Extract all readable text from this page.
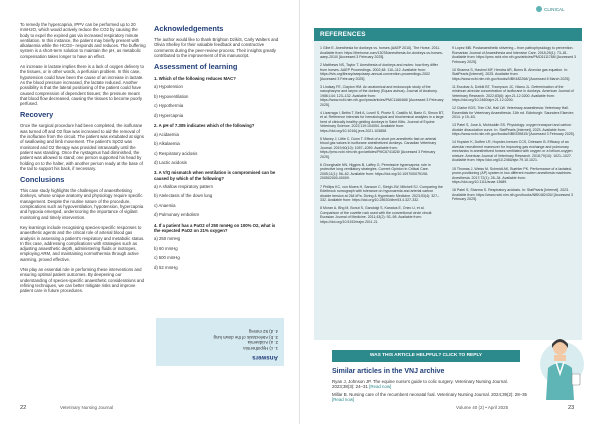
To remedy the hypercapnia, IPPV can be performed up to 20 mmH2O, which would actively reduce the CO2 by causing the body to expel the expired gas via increased respiratory minute ventilation. In this instance, the patient may briefly present with alkalaemia while the HCO3− responds and reduces. The buffering system is a short-term solution to maintain the pH, as metabolic compensation takes longer to have an effect.

An increase in lactate implies there is a lack of oxygen delivery to the tissues, or in other words, a perfusion problem. In this case, hypotension could have been the cause of an increase in lactate. As the blood pressure increased, the lactate reduced. Another possibility is that the lateral positioning of the patient could have caused compression of dependent tissues; the pressure meant that blood flow decreased, causing the tissues to become poorly perfused.

Recovery

Once the surgical procedure had been completed, the isoflurane was turned off and O2 flow was increased to aid the removal of the isoflurane from the circuit. The patient was extubated at signs of swallowing and limb movement. The patient's SpO2 was monitored and O2 therapy was provided intranasally until the patient was standing. Once the nystagmus had diminished, the patient was allowed to stand; one person supported his head by holding on to the halter, with another person ready at the base of the tail to support his back, if necessary.

Conclusions

This case study highlights the challenges of anaesthetising donkeys, whose unique anatomy and physiology require specific management. Despite the routine nature of the procedure, complications such as hypoventilation, hypotension, hypercapnia and hypoxia emerged, underscoring the importance of vigilant monitoring and timely intervention.

Key learnings include recognising species-specific responses to anaesthetic agents and the critical role of arterial blood gas analysis in assessing a patient's respiratory and metabolic status. In this case, addressing complications with strategies such as adjusting anaesthetic depth, administering fluids or inotropes, employing ARM, and maintaining normothermia through active warming, proved effective.

VNs play an essential role in performing these interventions and ensuring optimal patient outcomes. By deepening our understanding of species-specific anaesthetic considerations and refining techniques, we can better mitigate risks and improve patient care in future procedures.

Acknowledgements

The author would like to thank Brighton DzikiS, Carly Walters and Olivia Shelley for their valuable feedback and constructive comments during the peer-review process. Their insights greatly contributed to the improvement of this manuscript.

Assessment of learning
1. Which of the following reduces MAC?
a) Hypotension
b) Hypoventilation
c) Hypothermia
d) Hypercapnia
2. A pH of 7.305 indicates which of the following?
a) Acidaemia
b) Alkalaemia
c) Respiratory acidosis
d) Lactic acidosis
3. A V/Q mismatch when ventilation is compromised can be caused by which of the following?
a) A shallow respiratory pattern
b) Atelectasis of the down lung
c) Anaemia
d) Pulmonary embolism
4. If a patient has a PaO2 of 250 mmHg on 100% O2, what is the expected PaO2 on 21% oxygen?
a) 250 mmHg
b) 60 mmHg
c) 500 mmHg
d) 52 mmHg
Answers
1. c) Hypothermia
2. a) Acidaemia
3. b) Atelectasis of the down lung
4. d) 52 mmHg
22	Veterinary Nursing Journal
CLINICAL
REFERENCES
1 Gibe E. Anesthesia for donkeys vs. horses (AAEP 2010). The Horse. 2011. Available from: https://thehorse.com/13078/anesthesia-for-donkeys-vs-horses-aaep-2010/ [Accessed 3 February 2025].
2 Matthews NS, Taylor T. Anesthesia of donkeys and mules: how they differ from horses. AAEP Proceedings. 2002;48: 110–112. Available from: https://ivis.org/library/aaep/aaep-annual-convention-proceedings-2002 [Accessed 3 February 2025].
3 Lindsay FE, Clayton HM. An anatomical and endoscopic study of the nasopharynx and larynx of the donkey (Equus asinus). Journal of Anatomy. 1986;144: 123–132. Available from: https://www.ncbi.nlm.nih.gov/pmc/articles/PMC1166468/ [Accessed 3 February 2025].
4 Lizarraga I, Beths T, Bell A, Lovell S, Ploetz S, Castillo M, Bartz G, Simon BT, et al. Reference intervals for hematological and biochemical analytes in a large herd of clinically healthy gelding donkeys in Saint Kitts. Journal of Equine Veterinary Science. 2022;119:104054. Available from: https://doi.org/10.1016/j.jevs.2021.103858.
5 Maney J, Little C, Dunn T. Effect of a short pre-anesthetic fast on arterial blood gas values in isoflurane anesthetized donkeys. Canadian Veterinary Journal. 2019;60(10): 1057–1059. Available from: https://pmc.ncbi.nlm.nih.gov/articles/PMC6741828/ [Accessed 3 February 2025].
6 Chonghaile NN, Higgins B, Laffey G. Permissive hypercapnia: role in protective lung ventilatory strategies. Current Opinion in Critical Care. 2005;11(1): 56–62. Available from: https://doi.org/10.1097/00075198-200502000-00009.
7 Phillips KC, von Moers H, Sansom C, Sleigh JW, Mitchell SJ. Comparing the Edelbrock nomograph with tolerance on hypoxaemia and arterial carbon dioxide tension at 264 kPa. Diving & Hyperbaric Medicine. 2023;53(4): 327–332. Available from: https://doi.org/10.28920/dhm53.4.327-332.
8 Moran A, Bhg M, Bonut S, Gandolgi S, Kanatus E, Onec U, et al. Comparison of the cuvette rock used with the conventional circle circuit. Eurasian Journal of Medicine. 2011;43(2): 92–98. Available from: https://doi.org/10.5152/eajm.2011.21.
9 Lopez MB. Postanaesthetic shivering – from pathophysiology to prevention. Romanian Journal of Anaesthesia and Intensive Care. 2018;25(1): 73–81. Available from: https://pmc.ncbi.nlm.nih.gov/articles/PMC6111788/ [Accessed 3 February 2025].
10 Sharma S, Hashmi MF, Hendra AR, Burns B. Alveolar gas equation. In: StatPearls [Internet]. 2025. Available from: https://www.ncbi.nlm.nih.gov/books/NBK482268/ [Accessed 8 March 2025].
11 Escobar A, Dzikiti BT, Thompson JC, Ntanu JL. Determination of the minimum alveolar concentration of isoflurane in donkeys. American Journal of Veterinary Research. 2022;83(6): ajvr.21.12.0200. Available from: https://doi.org/10.2460/ajvr.21.12.0200.
12 Clarke KDS, Trim CM, Hall LW. Veterinary anaesthesia: Veterinary Hall. Essentials for Veterinary Anaesthesia. 11th ed. Edinburgh: Saunders Elsevier; 2014. p 19–63.
13 Patel S, Jose A, Mohiuddin SS. Physiology: oxygen transport and carbon dioxide dissociation curve. In: StatPearls [Internet]. 2023. Available from: https://www.ncbi.nlm.nih.gov/books/NBK539815/ [Accessed 3 February 2025].
14 Hopster K, Duffee LR, Hopster-Iversen CCS, Driessen B. Efficacy of an alveolar recruitment maneuver for improving gas exchange and pulmonary mechanics in anesthetized horses ventilated with oxygen or a helium-oxygen mixture. American Journal of Veterinary Research. 2018;79(10): 1021–1027. Available from: https://doi.org/10.2460/ajvr.79.10.1021.
15 Thomas J, Weiss M, Schmidt AK, Buehler PK. Performance of a lactated-prone-positioning (AP) system in two different modern anesthesia machines. Anesthesia. 2017;72(1): 28–34. Available from: https://doi.org/10.1111/anae.13689.
16 Patel S, Sharma S. Respiratory acidosis. In: StatPearls [Internet]. 2023. Available from: https://www.ncbi.nlm.nih.gov/books/NBK482430/ [Accessed 3 February 2025].
WAS THIS ARTICLE HELPFUL? CLICK TO REPLY
Similar articles in the VNJ archive
Ryan J, Johnson JP. The equine nurse's guide to colic surgery. Veterinary Nursing Journal. 2023;38(3): 24–31 [Read now]
Millar B. Nursing care of the recumbent neonatal foal. Veterinary Nursing Journal. 2024;39(2): 28–35 [Read now]
Volume 40 (2) • April 2025	23
